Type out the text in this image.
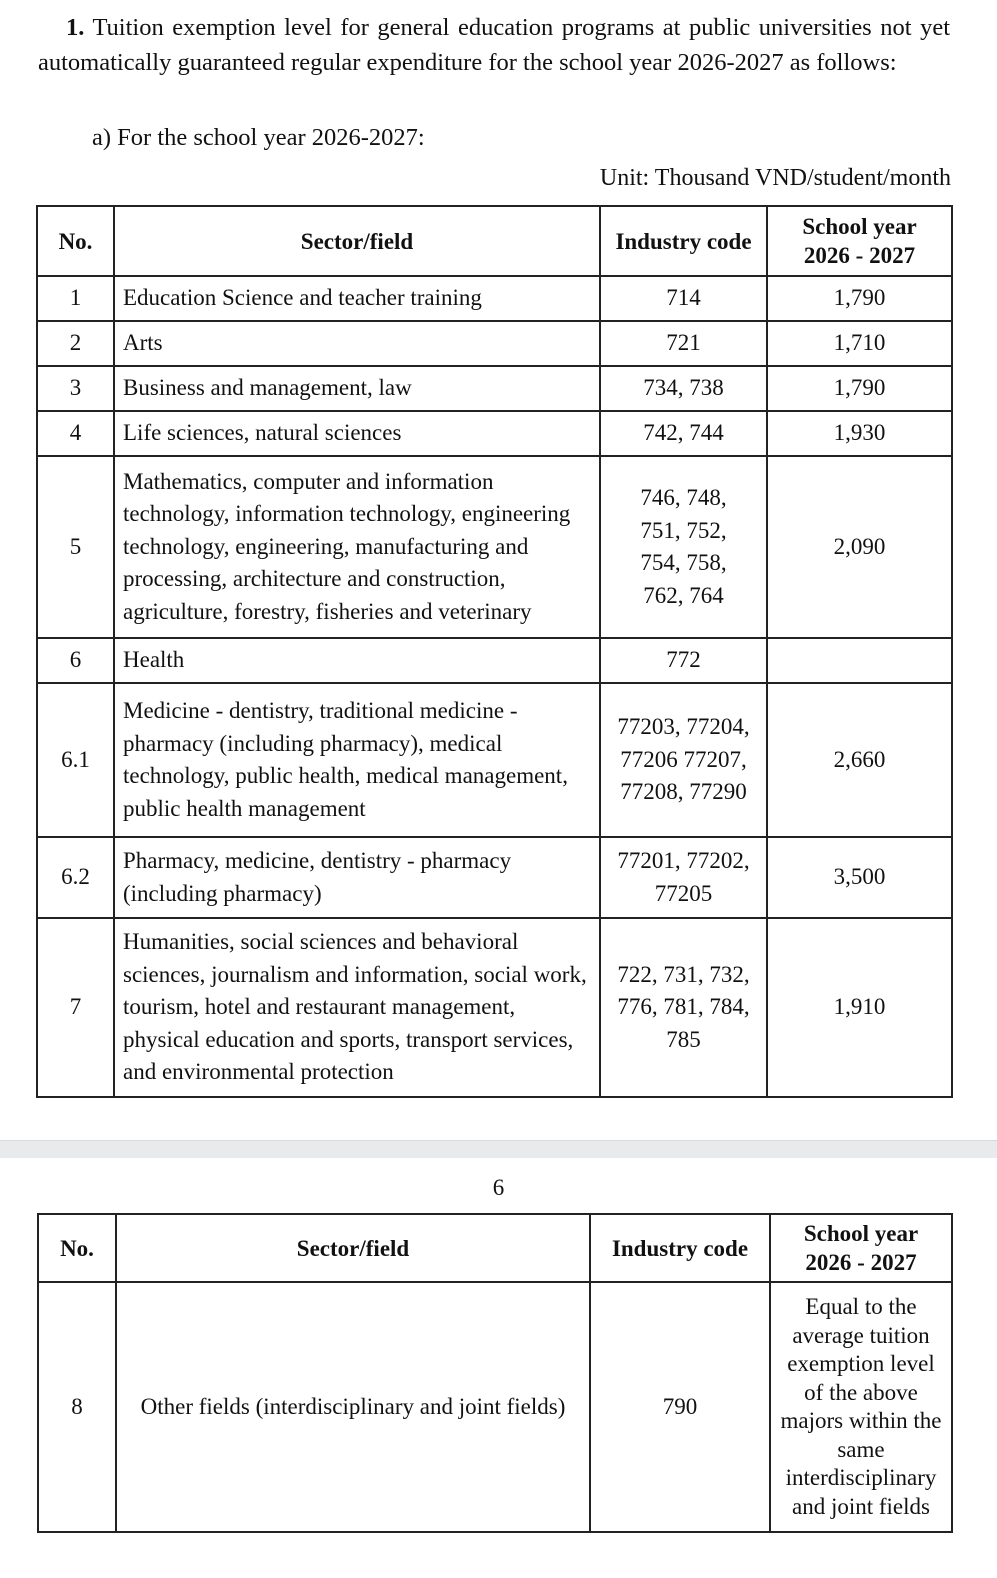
1. Tuition exemption level for general education programs at public universities not yet automatically guaranteed regular expenditure for the school year 2026-2027 as follows:
a) For the school year 2026-2027:
Unit: Thousand VND/student/month
No.	Sector/field	Industry code	School year
2026 - 2027
1	Education Science and teacher training	714	1,790
2	Arts	721	1,710
3	Business and management, law	734, 738	1,790
4	Life sciences, natural sciences	742, 744	1,930
5	Mathematics, computer and information technology, information technology, engineering technology, engineering, manufacturing and processing, architecture and construction, agriculture, forestry, fisheries and veterinary	746, 748, 751, 752, 754, 758, 762, 764	2,090
6	Health	772	
6.1	Medicine - dentistry, traditional medicine - pharmacy (including pharmacy), medical technology, public health, medical management, public health management	77203, 77204, 77206 77207, 77208, 77290	2,660
6.2	Pharmacy, medicine, dentistry - pharmacy (including pharmacy)	77201, 77202, 77205	3,500
7	Humanities, social sciences and behavioral sciences, journalism and information, social work, tourism, hotel and restaurant management, physical education and sports, transport services, and environmental protection	722, 731, 732, 776, 781, 784, 785	1,910
6
No.	Sector/field	Industry code	School year
2026 - 2027
8	Other fields (interdisciplinary and joint fields)	790	Equal to the average tuition exemption level of the above majors within the same interdisciplinary and joint fields
